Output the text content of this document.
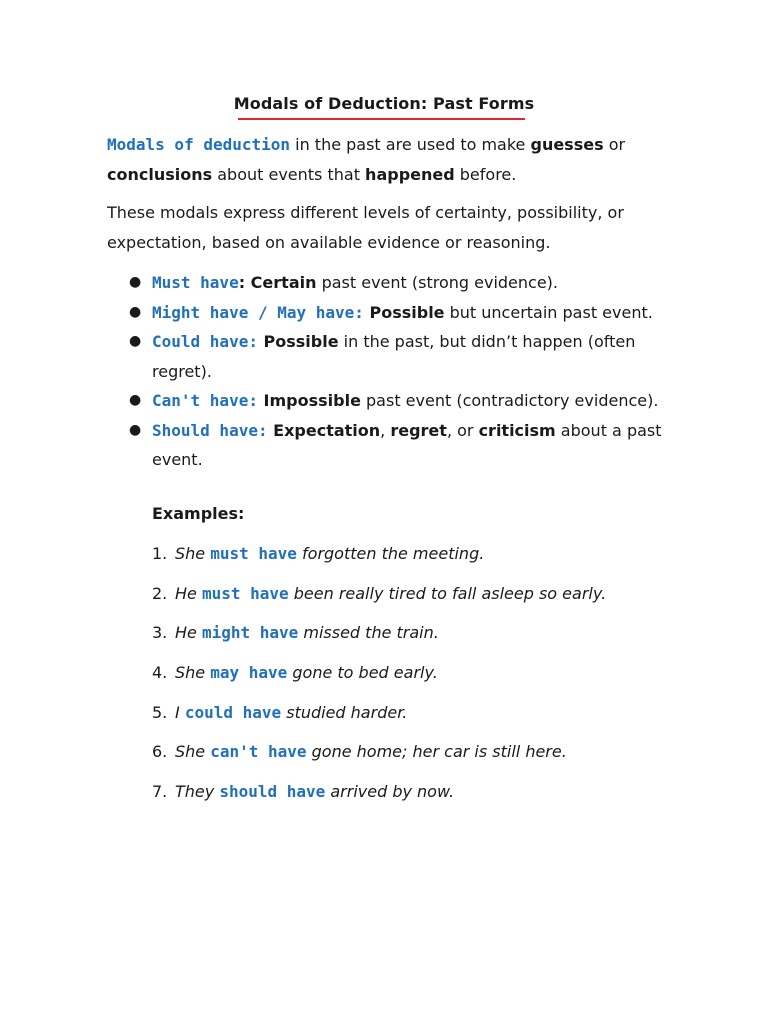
Modals of Deduction: Past Forms

Modals of deduction in the past are used to make guesses or conclusions about events that happened before.

These modals express different levels of certainty, possibility, or expectation, based on available evidence or reasoning.

● Must have: Certain past event (strong evidence).
● Might have / May have: Possible but uncertain past event.
● Could have: Possible in the past, but didn’t happen (often regret).
● Can't have: Impossible past event (contradictory evidence).
● Should have: Expectation, regret, or criticism about a past event.
Examples:
1. She must have forgotten the meeting.
2. He must have been really tired to fall asleep so early.
3. He might have missed the train.
4. She may have gone to bed early.
5. I could have studied harder.
6. She can't have gone home; her car is still here.
7. They should have arrived by now.
